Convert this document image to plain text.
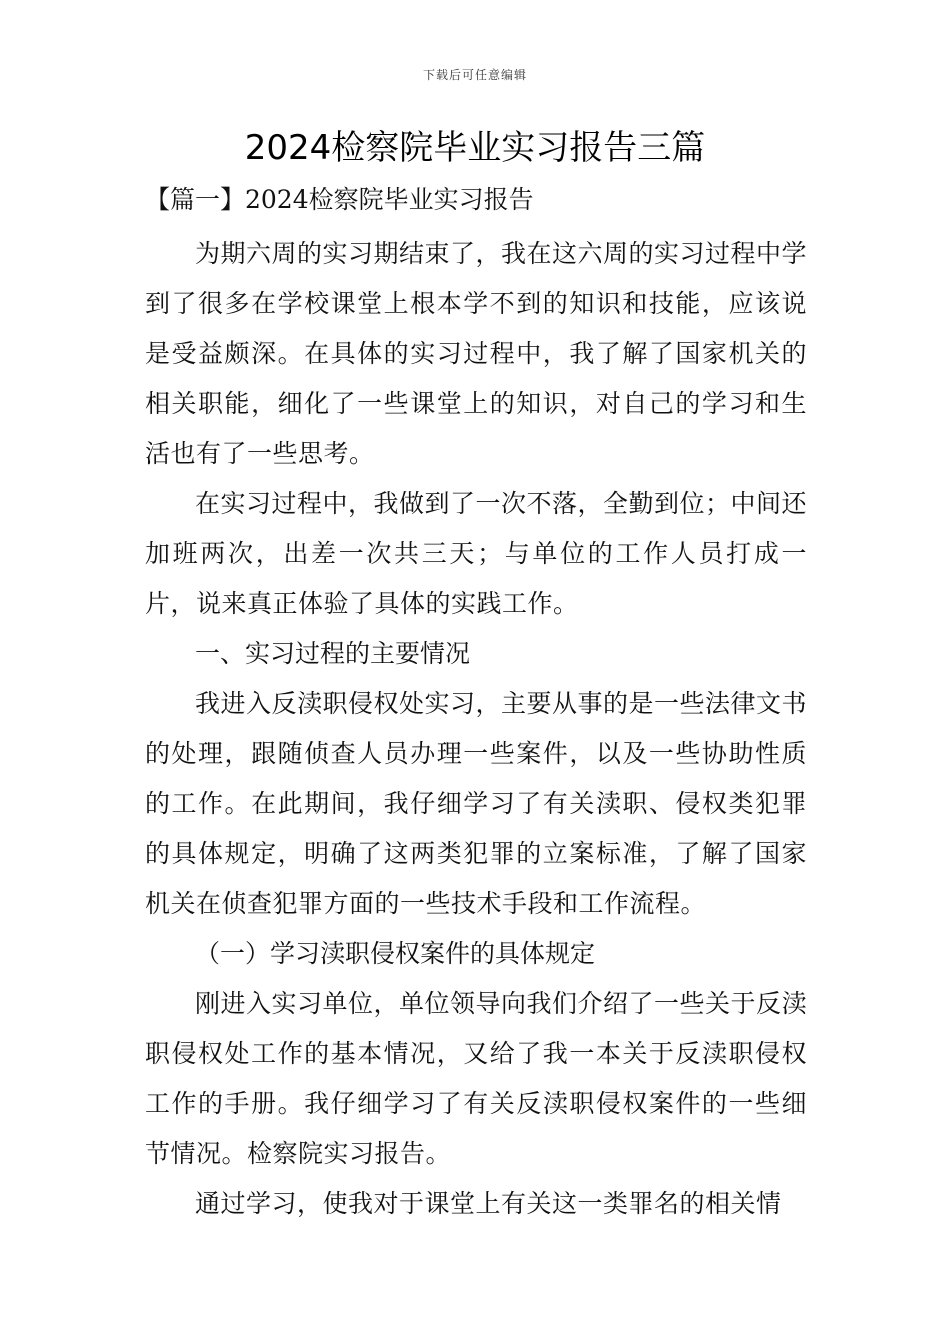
下载后可任意编辑
2024检察院毕业实习报告三篇
【篇一】2024检察院毕业实习报告

为期六周的实习期结束了，我在这六周的实习过程中学到了很多在学校课堂上根本学不到的知识和技能，应该说是受益颇深。在具体的实习过程中，我了解了国家机关的相关职能，细化了一些课堂上的知识，对自己的学习和生活也有了一些思考。

在实习过程中，我做到了一次不落，全勤到位；中间还加班两次，出差一次共三天；与单位的工作人员打成一片，说来真正体验了具体的实践工作。

一、实习过程的主要情况

我进入反渎职侵权处实习，主要从事的是一些法律文书的处理，跟随侦查人员办理一些案件，以及一些协助性质的工作。在此期间，我仔细学习了有关渎职、侵权类犯罪的具体规定，明确了这两类犯罪的立案标准，了解了国家机关在侦查犯罪方面的一些技术手段和工作流程。

（一）学习渎职侵权案件的具体规定

刚进入实习单位，单位领导向我们介绍了一些关于反渎职侵权处工作的基本情况，又给了我一本关于反渎职侵权工作的手册。我仔细学习了有关反渎职侵权案件的一些细节情况。检察院实习报告。

通过学习，使我对于课堂上有关这一类罪名的相关情
